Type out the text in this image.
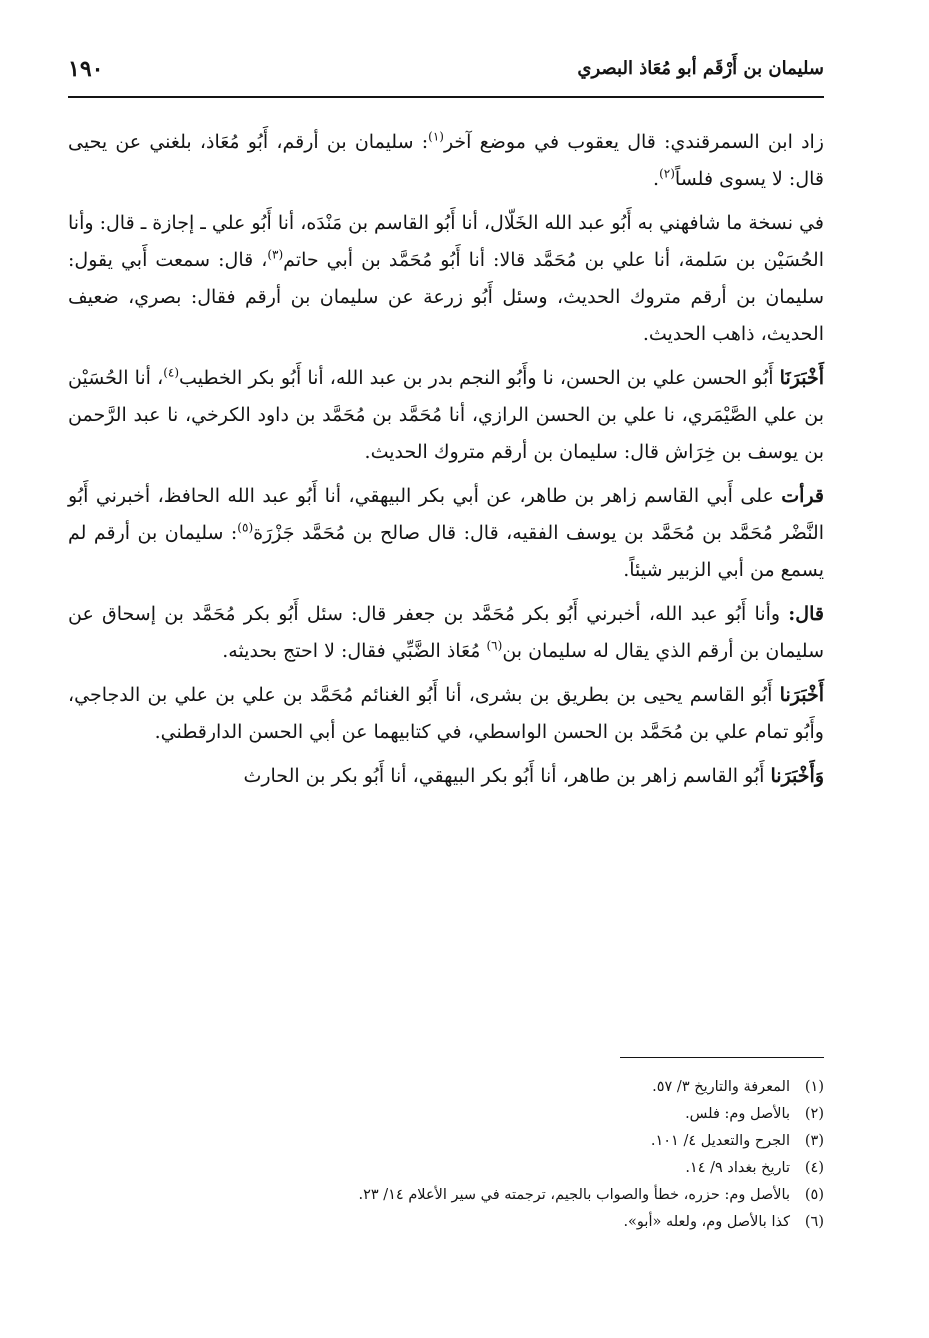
سليمان بن أَرْقَم أبو مُعَاذ البصري
١٩٠

زاد ابن السمرقندي: قال يعقوب في موضع آخر$^{(١)}$: سليمان بن أرقم، أَبُو مُعَاذ، بلغني عن يحيى قال: لا يسوى فلساً$^{(٢)}$.

في نسخة ما شافهني به أَبُو عبد الله الخَلّال، أنا أَبُو القاسم بن مَنْدَه، أنا أَبُو علي ـ إجازة ـ قال: وأنا الحُسَيْن بن سَلمة، أنا علي بن مُحَمَّد قالا: أنا أَبُو مُحَمَّد بن أبي حاتم$^{(٣)}$، قال: سمعت أَبي يقول: سليمان بن أرقم متروك الحديث، وسئل أَبُو زرعة عن سليمان بن أرقم فقال: بصري، ضعيف الحديث، ذاهب الحديث.

أَخْبَرَنَا أَبُو الحسن علي بن الحسن، نا وأَبُو النجم بدر بن عبد الله، أنا أَبُو بكر الخطيب$^{(٤)}$، أنا الحُسَيْن بن علي الصَّيْمَري، نا علي بن الحسن الرازي، أنا مُحَمَّد بن مُحَمَّد بن داود الكرخي، نا عبد الرَّحمن بن يوسف بن خِرَاش قال: سليمان بن أرقم متروك الحديث.

قرأت على أَبي القاسم زاهر بن طاهر، عن أبي بكر البيهقي، أنا أَبُو عبد الله الحافظ، أخبرني أَبُو النَّضْر مُحَمَّد بن مُحَمَّد بن يوسف الفقيه، قال: قال صالح بن مُحَمَّد جَزْرَة$^{(٥)}$: سليمان بن أرقم لم يسمع من أبي الزبير شيئاً.

قال: وأنا أَبُو عبد الله، أخبرني أَبُو بكر مُحَمَّد بن جعفر قال: سئل أَبُو بكر مُحَمَّد بن إسحاق عن سليمان بن أرقم الذي يقال له سليمان بن$^{(٦)}$ مُعَاذ الضَّبِّي فقال: لا احتج بحديثه.

أَخْبَرَنا أَبُو القاسم يحيى بن بطريق بن بشرى، أنا أَبُو الغنائم مُحَمَّد بن علي بن علي بن الدجاجي، وأَبُو تمام علي بن مُحَمَّد بن الحسن الواسطي، في كتابيهما عن أبي الحسن الدارقطني.

وَأَخْبَرَنا أَبُو القاسم زاهر بن طاهر، أنا أَبُو بكر البيهقي، أنا أَبُو بكر بن الحارث

(١)المعرفة والتاريخ ٣/ ٥٧.
(٢)بالأصل وم: فلس.
(٣)الجرح والتعديل ٤/ ١٠١.
(٤)تاريخ بغداد ٩/ ١٤.
(٥)بالأصل وم: حزره، خطأ والصواب بالجيم، ترجمته في سير الأعلام ١٤/ ٢٣.
(٦)كذا بالأصل وم، ولعله «أبو».
